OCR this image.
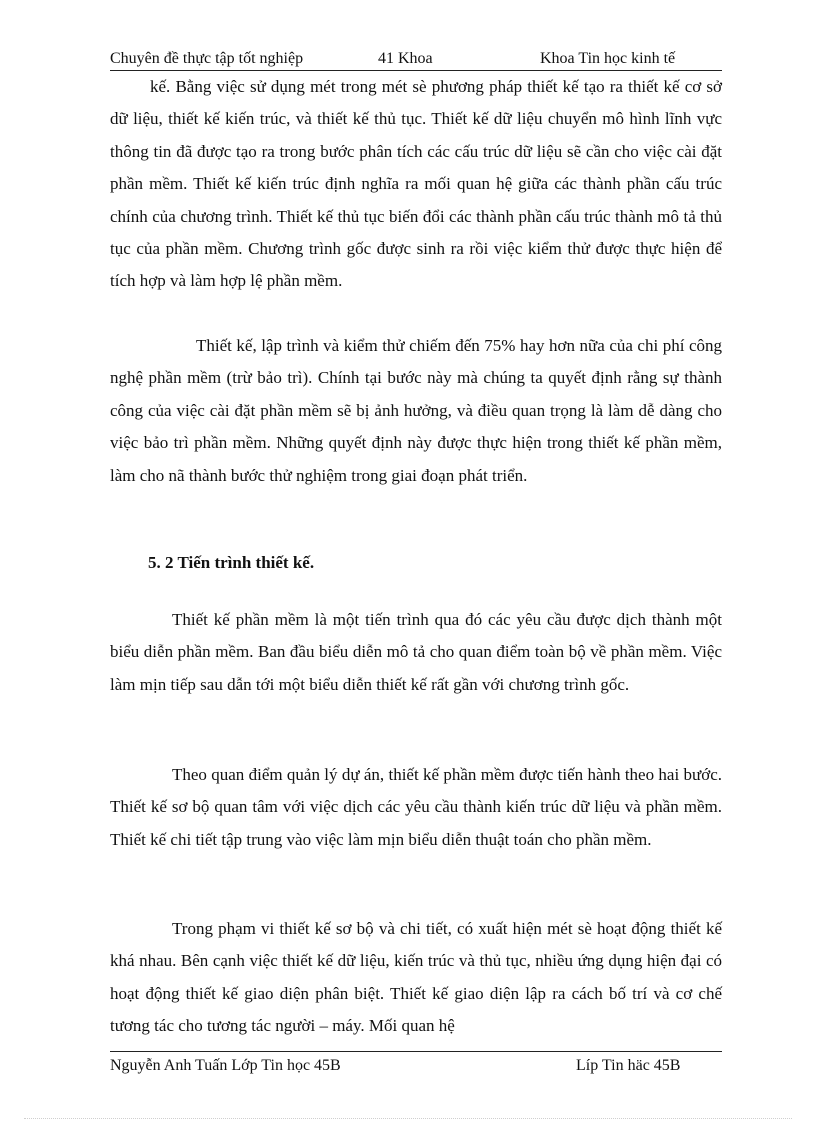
Chuyên đề thực tập tốt nghiệp	41 Khoa	Khoa Tin học kinh tế

kế. Bằng việc sử dụng mét trong mét sè phương pháp thiết kế tạo ra thiết kế cơ sở dữ liệu, thiết kế kiến trúc, và thiết kế thủ tục. Thiết kế dữ liệu chuyển mô hình lĩnh vực thông tin đã được tạo ra trong bước phân tích các cấu trúc dữ liệu sẽ cần cho việc cài đặt phần mềm. Thiết kế kiến trúc định nghĩa ra mối quan hệ giữa các thành phần cấu trúc chính của chương trình. Thiết kế thủ tục biến đổi các thành phần cấu trúc thành mô tả thủ tục của phần mềm. Chương trình gốc được sinh ra rồi việc kiểm thử được thực hiện để tích hợp và làm hợp lệ phần mềm.

Thiết kế, lập trình và kiểm thử chiếm đến 75% hay hơn nữa của chi phí công nghệ phần mềm (trừ bảo trì). Chính tại bước này mà chúng ta quyết định rằng sự thành công của việc cài đặt phần mềm sẽ bị ảnh hưởng, và điều quan trọng là làm dễ dàng cho việc bảo trì phần mềm. Những quyết định này được thực hiện trong thiết kế phần mềm, làm cho nã thành bước thử nghiệm trong giai đoạn phát triển.

5. 2 Tiến trình thiết kế.

Thiết kế phần mềm là một tiến trình qua đó các yêu cầu được dịch thành một biểu diễn phần mềm. Ban đầu biểu diễn mô tả cho quan điểm toàn bộ về phần mềm. Việc làm mịn tiếp sau dẫn tới một biểu diễn thiết kế rất gần với chương trình gốc.

Theo quan điểm quản lý dự án, thiết kế phần mềm được tiến hành theo hai bước. Thiết kế sơ bộ quan tâm với việc dịch các yêu cầu thành kiến trúc dữ liệu và phần mềm. Thiết kế chi tiết tập trung vào việc làm mịn biểu diễn thuật toán cho phần mềm.

Trong phạm vi thiết kế sơ bộ và chi tiết, có xuất hiện mét sè hoạt động thiết kế khá nhau. Bên cạnh việc thiết kế dữ liệu, kiến trúc và thủ tục, nhiều ứng dụng hiện đại có hoạt động thiết kế giao diện phân biệt. Thiết kế giao diện lập ra cách bố trí và cơ chế tương tác cho tương tác người – máy. Mối quan hệ

Nguyễn Anh Tuấn Lớp Tin học 45B	Líp Tin häc 45B
